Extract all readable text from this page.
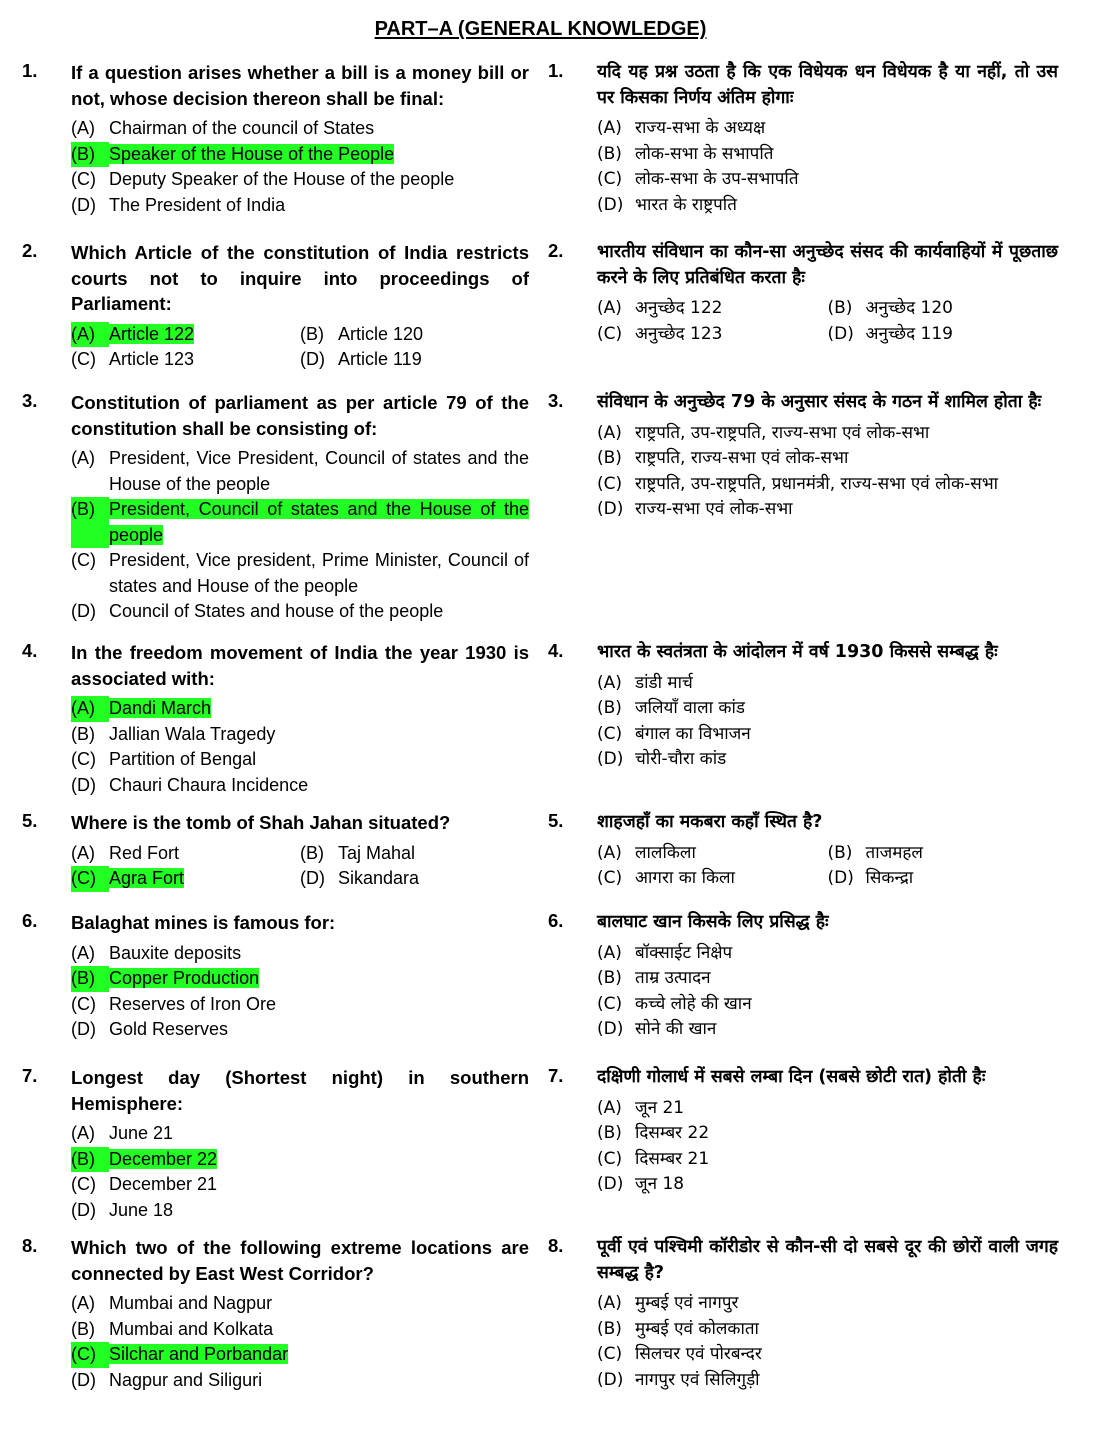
PART–A (GENERAL KNOWLEDGE)
1.	If a question arises whether a bill is a money bill or not, whose decision thereon shall be final:
(A) Chairman of the council of States
(B) Speaker of the House of the People
(C) Deputy Speaker of the House of the people
(D) The President of India
2.	Which Article of the constitution of India restricts courts not to inquire into proceedings of Parliament:
(A) Article 122	(B) Article 120
(C) Article 123	(D) Article 119
3.	Constitution of parliament as per article 79 of the constitution shall be consisting of:
(A) President, Vice President, Council of states and the House of the people
(B) President, Council of states and the House of the people
(C) President, Vice president, Prime Minister, Council of states and House of the people
(D) Council of States and house of the people
4.	In the freedom movement of India the year 1930 is associated with:
(A) Dandi March
(B) Jallian Wala Tragedy
(C) Partition of Bengal
(D) Chauri Chaura Incidence
5.	Where is the tomb of Shah Jahan situated?
(A) Red Fort	(B) Taj Mahal
(C) Agra Fort	(D) Sikandara
6.	Balaghat mines is famous for:
(A) Bauxite deposits
(B) Copper Production
(C) Reserves of Iron Ore
(D) Gold Reserves
7.	Longest day (Shortest night) in southern Hemisphere:
(A) June 21
(B) December 22
(C) December 21
(D) June 18
8.	Which two of the following extreme locations are connected by East West Corridor?
(A) Mumbai and Nagpur
(B) Mumbai and Kolkata
(C) Silchar and Porbandar
(D) Nagpur and Siliguri
1.	यदि यह प्रश्न उठता है कि एक विधेयक धन विधेयक है या नहीं, तो उस पर किसका निर्णय अंतिम होगाः
(A) राज्य-सभा के अध्यक्ष
(B) लोक-सभा के सभापति
(C) लोक-सभा के उप-सभापति
(D) भारत के राष्ट्रपति
2.	भारतीय संविधान का कौन-सा अनुच्छेद संसद की कार्यवाहियों में पूछताछ करने के लिए प्रतिबंधित करता हैः
(A) अनुच्छेद 122	(B) अनुच्छेद 120
(C) अनुच्छेद 123	(D) अनुच्छेद 119
3.	संविधान के अनुच्छेद 79 के अनुसार संसद के गठन में शामिल होता हैः
(A) राष्ट्रपति, उप-राष्ट्रपति, राज्य-सभा एवं लोक-सभा
(B) राष्ट्रपति, राज्य-सभा एवं लोक-सभा
(C) राष्ट्रपति, उप-राष्ट्रपति, प्रधानमंत्री, राज्य-सभा एवं लोक-सभा
(D) राज्य-सभा एवं लोक-सभा
4.	भारत के स्वतंत्रता के आंदोलन में वर्ष 1930 किससे सम्बद्ध हैः
(A) डांडी मार्च
(B) जलियाँ वाला कांड
(C) बंगाल का विभाजन
(D) चोरी-चौरा कांड
5.	शाहजहाँ का मकबरा कहाँ स्थित है?
(A) लालकिला	(B) ताजमहल
(C) आगरा का किला	(D) सिकन्द्रा
6.	बालघाट खान किसके लिए प्रसिद्ध हैः
(A) बॉक्साईट निक्षेप
(B) ताम्र उत्पादन
(C) कच्चे लोहे की खान
(D) सोने की खान
7.	दक्षिणी गोलार्ध में सबसे लम्बा दिन (सबसे छोटी रात) होती हैः
(A) जून 21
(B) दिसम्बर 22
(C) दिसम्बर 21
(D) जून 18
8.	पूर्वी एवं पश्चिमी कॉरीडोर से कौन-सी दो सबसे दूर की छोरों वाली जगह सम्बद्ध है?
(A) मुम्बई एवं नागपुर
(B) मुम्बई एवं कोलकाता
(C) सिलचर एवं पोरबन्दर
(D) नागपुर एवं सिलिगुड़ी
